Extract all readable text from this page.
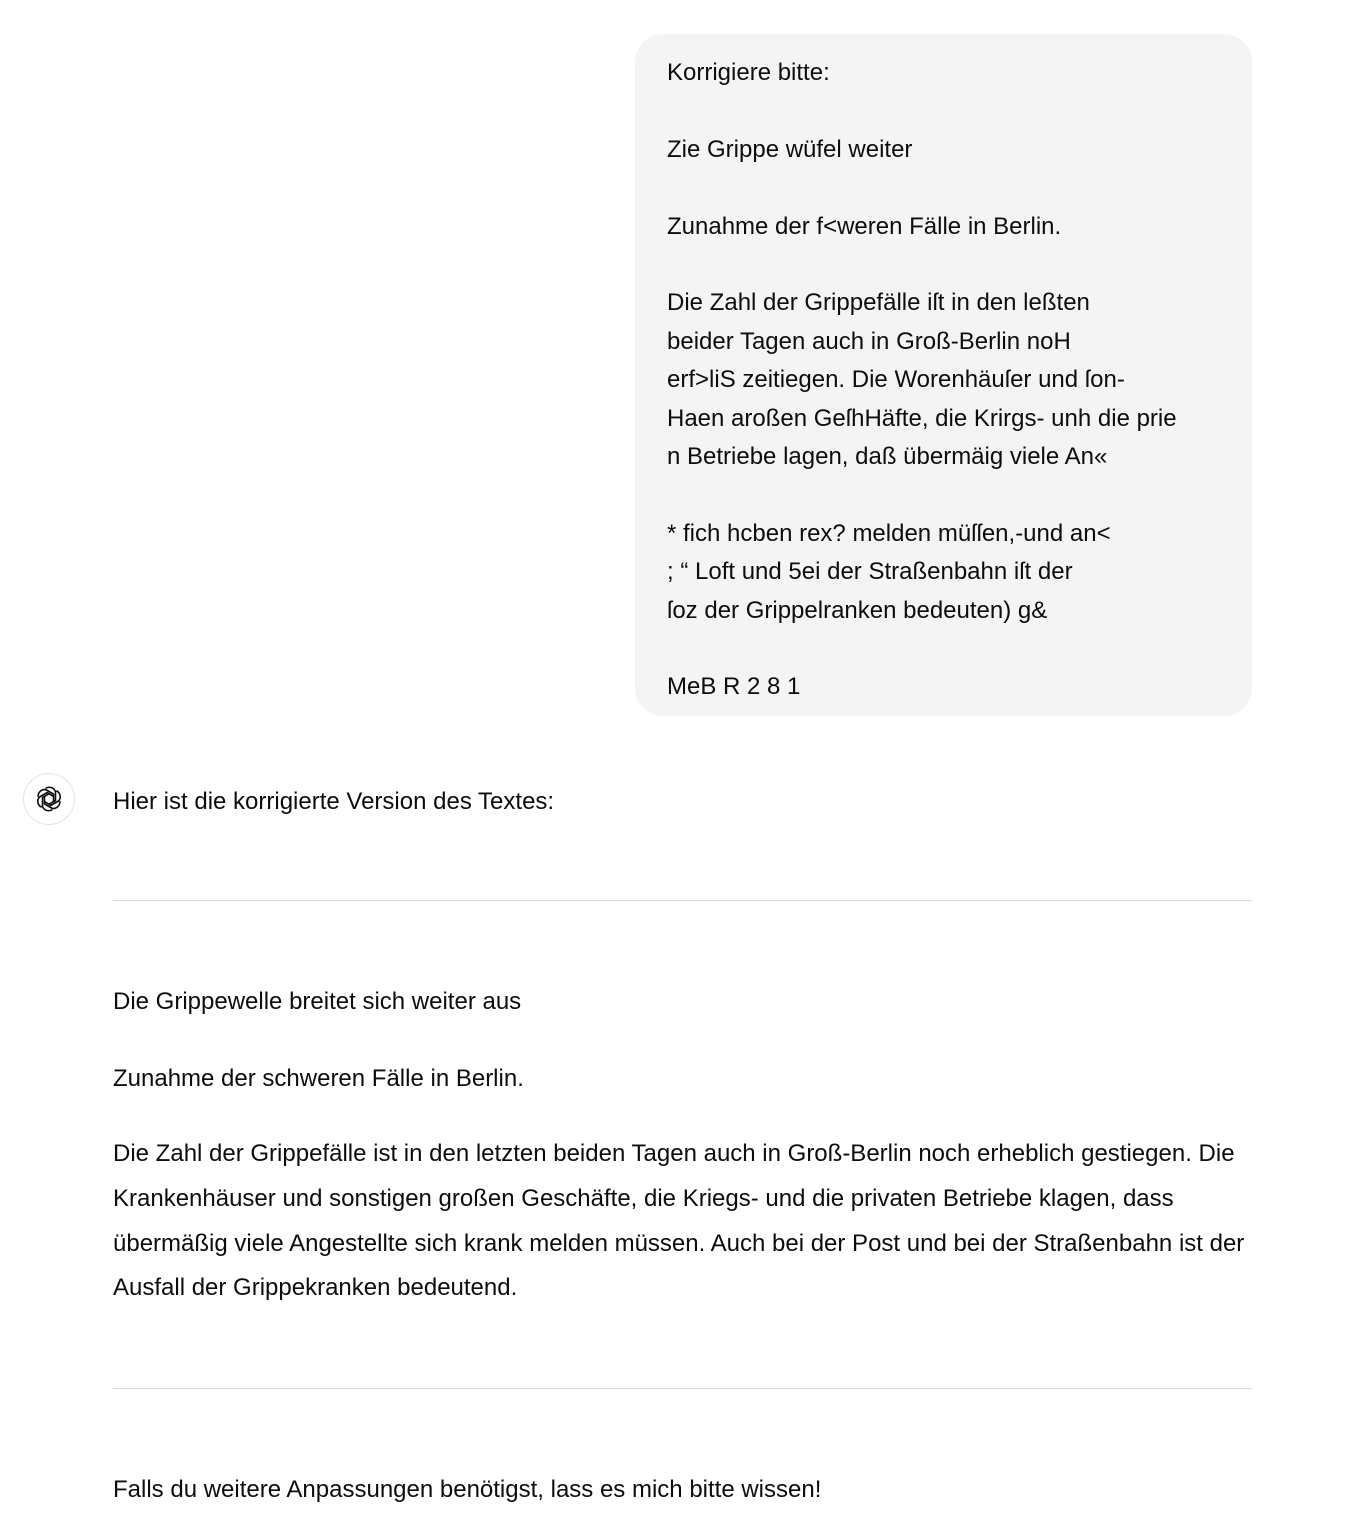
Korrigiere bitte:

Zie Grippe wüfel weiter

Zunahme der f<weren Fälle in Berlin.

Die Zahl der Grippefälle iſt in den leßten
beider Tagen auch in Groß-Berlin noH
erf>liS zeitiegen. Die Worenhäuſer und ſon-
Haen aroßen GeſhHäfte, die Krirgs- unh die prie
n Betriebe lagen, daß übermäig viele An«

* fich hcben rex? melden müſſen,-und an<
; “ Loft und 5ei der Straßenbahn iſt der
ſoz der Grippelranken bedeuten) g&

MeB R 2 8 1

Hier ist die korrigierte Version des Textes:

Die Grippewelle breitet sich weiter aus

Zunahme der schweren Fälle in Berlin.

Die Zahl der Grippefälle ist in den letzten beiden Tagen auch in Groß-Berlin noch erheblich gestiegen. Die Krankenhäuser und sonstigen großen Geschäfte, die Kriegs- und die privaten Betriebe klagen, dass übermäßig viele Angestellte sich krank melden müssen. Auch bei der Post und bei der Straßenbahn ist der Ausfall der Grippekranken bedeutend.

Falls du weitere Anpassungen benötigst, lass es mich bitte wissen!
